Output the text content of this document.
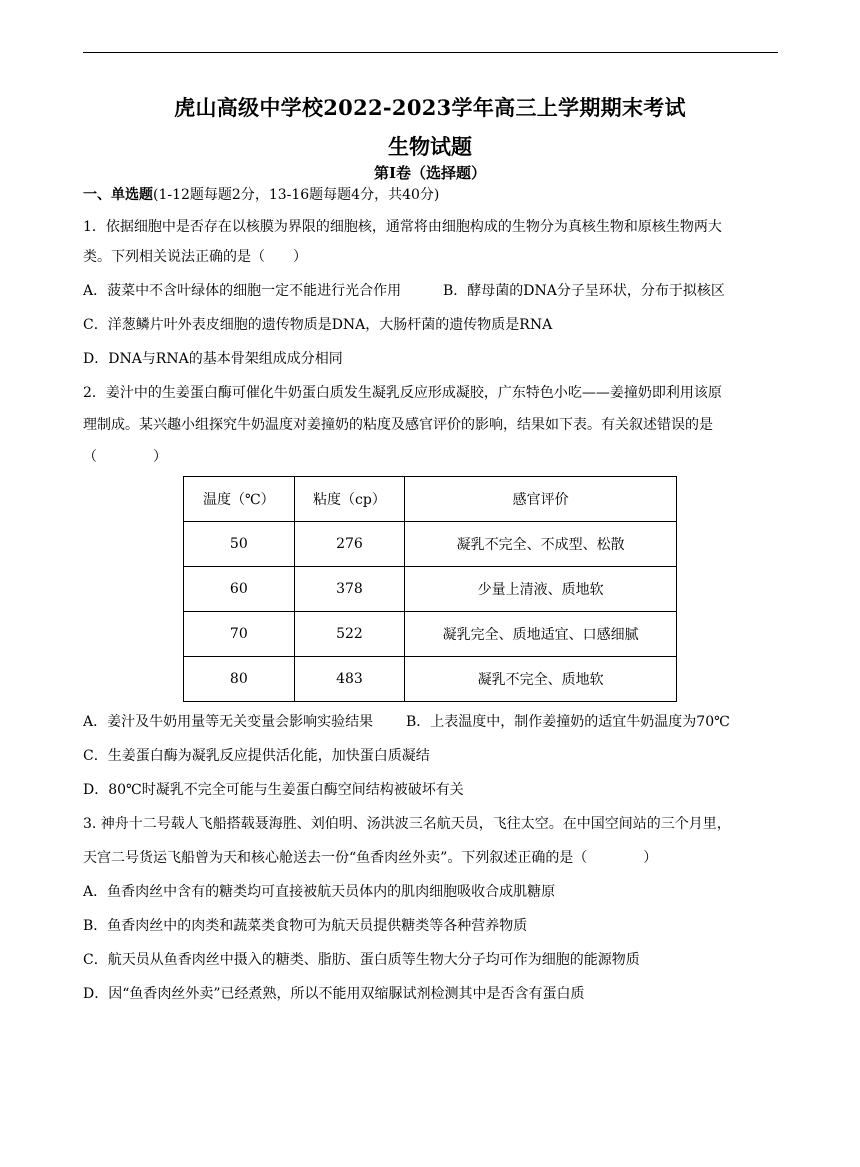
虎山高级中学校2022-2023学年高三上学期期末考试
生物试题
第I卷（选择题）
一、单选题(1-12题每题2分，13-16题每题4分，共40分)
1．依据细胞中是否存在以核膜为界限的细胞核，通常将由细胞构成的生物分为真核生物和原核生物两大
类。下列相关说法正确的是（　　）
A．菠菜中不含叶绿体的细胞一定不能进行光合作用	B．酵母菌的DNA分子呈环状，分布于拟核区
C．洋葱鳞片叶外表皮细胞的遗传物质是DNA，大肠杆菌的遗传物质是RNA
D．DNA与RNA的基本骨架组成成分相同
2．姜汁中的生姜蛋白酶可催化牛奶蛋白质发生凝乳反应形成凝胶，广东特色小吃——姜撞奶即利用该原
理制成。某兴趣小组探究牛奶温度对姜撞奶的粘度及感官评价的影响，结果如下表。有关叙述错误的是
（　　　　）
温度（℃）	粘度（cp）	感官评价
50	276	凝乳不完全、不成型、松散
60	378	少量上清液、质地软
70	522	凝乳完全、质地适宜、口感细腻
80	483	凝乳不完全、质地软
A．姜汁及牛奶用量等无关变量会影响实验结果 B．上表温度中，制作姜撞奶的适宜牛奶温度为70℃
C．生姜蛋白酶为凝乳反应提供活化能，加快蛋白质凝结
D．80℃时凝乳不完全可能与生姜蛋白酶空间结构被破坏有关
3. 神舟十二号载人飞船搭载聂海胜、刘伯明、汤洪波三名航天员，飞往太空。在中国空间站的三个月里，
天宫二号货运飞船曾为天和核心舱送去一份“鱼香肉丝外卖”。下列叙述正确的是（　　　　）
A．鱼香肉丝中含有的糖类均可直接被航天员体内的肌肉细胞吸收合成肌糖原
B．鱼香肉丝中的肉类和蔬菜类食物可为航天员提供糖类等各种营养物质
C．航天员从鱼香肉丝中摄入的糖类、脂肪、蛋白质等生物大分子均可作为细胞的能源物质
D．因“鱼香肉丝外卖”已经煮熟，所以不能用双缩脲试剂检测其中是否含有蛋白质
